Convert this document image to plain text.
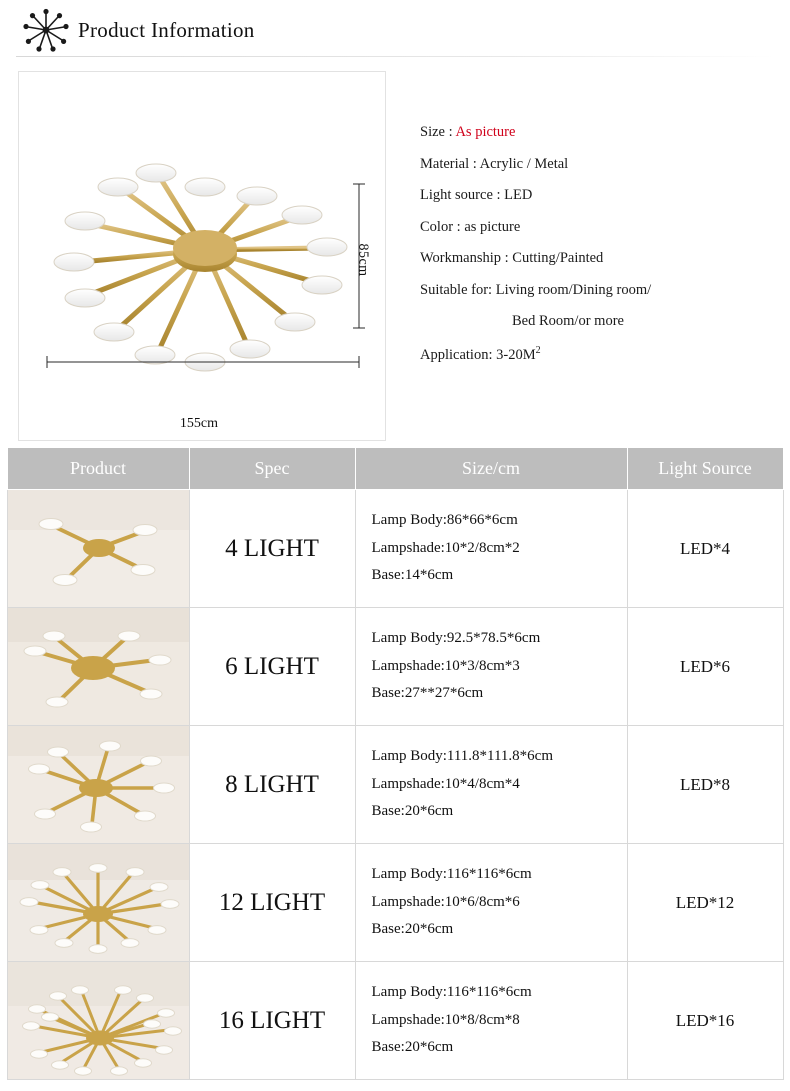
Product Information
85cm
155cm
Size : As picture
Material : Acrylic / Metal
Light source : LED
Color : as picture
Workmanship : Cutting/Painted
Suitable for: Living room/Dining room/
Bed Room/or more
Application: $3-20M^2$
Product	Spec	Size/cm	Light Source

	4 LIGHT	Lamp Body:86*66*6cm
Lampshade:10*2/8cm*2
Base:14*6cm	LED*4

	6 LIGHT	Lamp Body:92.5*78.5*6cm
Lampshade:10*3/8cm*3
Base:27**27*6cm	LED*6

	8 LIGHT	Lamp Body:111.8*111.8*6cm
Lampshade:10*4/8cm*4
Base:20*6cm	LED*8

	12 LIGHT	Lamp Body:116*116*6cm
Lampshade:10*6/8cm*6
Base:20*6cm	LED*12

	16 LIGHT	Lamp Body:116*116*6cm
Lampshade:10*8/8cm*8
Base:20*6cm	LED*16
